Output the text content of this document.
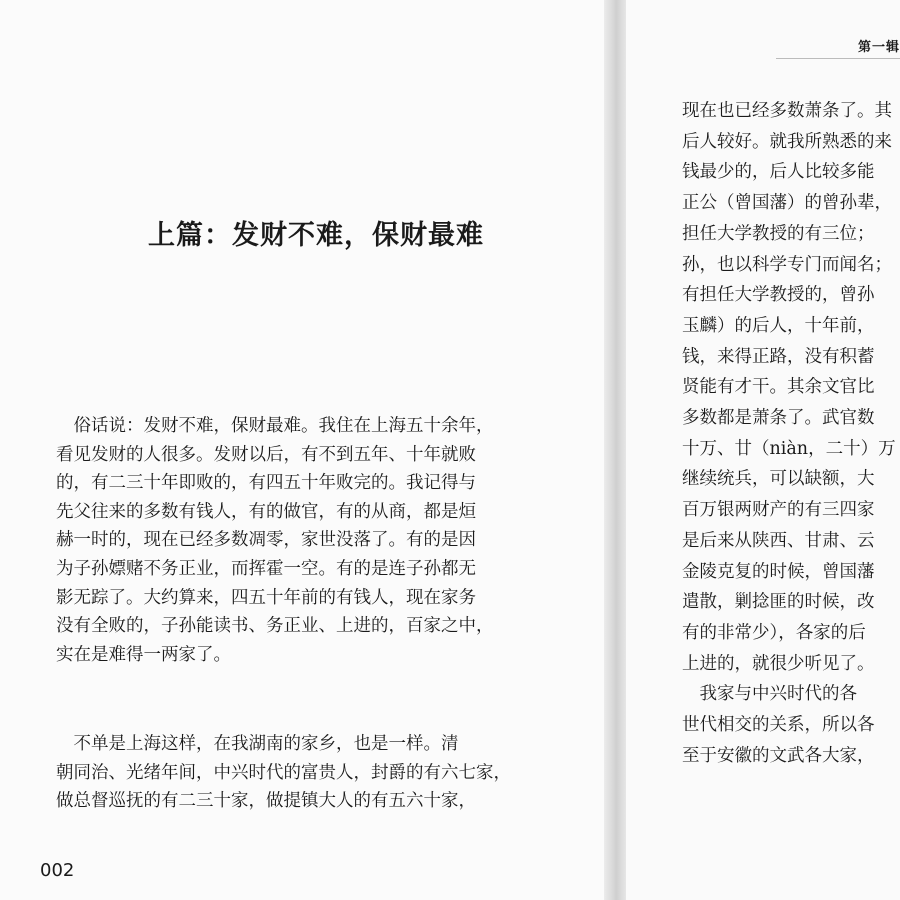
上篇：发财不难，保财最难

　俗话说：发财不难，保财最难。我住在上海五十余年，
看见发财的人很多。发财以后，有不到五年、十年就败
的，有二三十年即败的，有四五十年败完的。我记得与
先父往来的多数有钱人，有的做官，有的从商，都是烜
赫一时的，现在已经多数凋零，家世没落了。有的是因
为子孙嫖赌不务正业，而挥霍一空。有的是连子孙都无
影无踪了。大约算来，四五十年前的有钱人，现在家务
没有全败的，子孙能读书、务正业、上进的，百家之中，
实在是难得一两家了。

　不单是上海这样，在我湖南的家乡，也是一样。清
朝同治、光绪年间，中兴时代的富贵人，封爵的有六七家，
做总督巡抚的有二三十家，做提镇大人的有五六十家，

002
第一辑

现在也已经多数萧条了。其
后人较好。就我所熟悉的来
钱最少的，后人比较多能
正公（曾国藩）的曾孙辈，
担任大学教授的有三位；
孙，也以科学专门而闻名；
有担任大学教授的，曾孙
玉麟）的后人，十年前，
钱，来得正路，没有积蓄
贤能有才干。其余文官比
多数都是萧条了。武官数
十万、廿（niàn，二十）万
继续统兵，可以缺额，大
百万银两财产的有三四家
是后来从陕西、甘肃、云
金陵克复的时候，曾国藩
遣散，剿捻匪的时候，改
有的非常少），各家的后
上进的，就很少听见了。
　我家与中兴时代的各
世代相交的关系，所以各
至于安徽的文武各大家，
